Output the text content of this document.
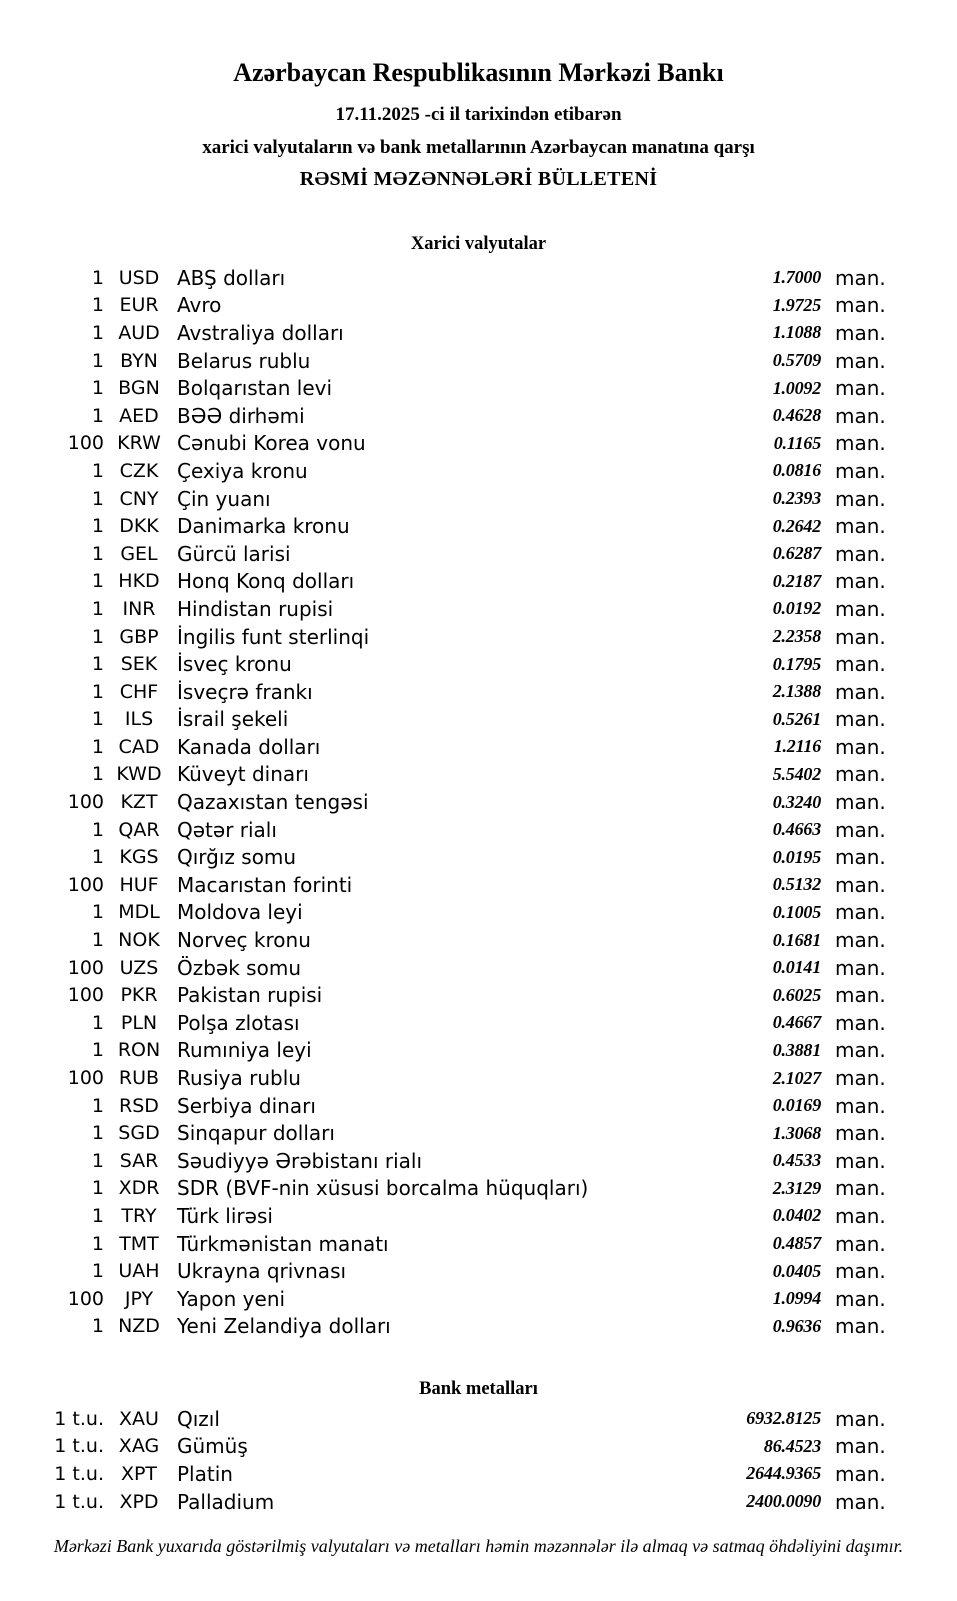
Azərbaycan Respublikasının Mərkəzi Bankı
17.11.2025 -ci il tarixindən etibarən
xarici valyutaların və bank metallarının Azərbaycan manatına qarşı
RƏSMİ MƏZƏNNƏLƏRİ BÜLLETENİ
Xarici valyutalar
1 USD ABŞ dolları	1.7000 man.
1 EUR Avro	1.9725 man.
1 AUD Avstraliya dolları	1.1088 man.
1 BYN Belarus rublu	0.5709 man.
1 BGN Bolqarıstan levi	1.0092 man.
1 AED BƏƏ dirhəmi	0.4628 man.
100 KRW Cənubi Korea vonu	0.1165 man.
1 CZK Çexiya kronu	0.0816 man.
1 CNY Çin yuanı	0.2393 man.
1 DKK Danimarka kronu	0.2642 man.
1 GEL Gürcü larisi	0.6287 man.
1 HKD Honq Konq dolları	0.2187 man.
1 INR	Hindistan rupisi	0.0192 man.
1 GBP İngilis funt sterlinqi	2.2358 man.
1 SEK İsveç kronu	0.1795 man.
1 CHF İsveçrə frankı	2.1388 man.
1	ILS	İsrail şekeli	0.5261 man.
1 CAD Kanada dolları	1.2116 man.
1 KWD Küveyt dinarı	5.5402 man.
100 KZT Qazaxıstan tengəsi	0.3240 man.
1 QAR Qətər rialı	0.4663 man.
1 KGS Qırğız somu	0.0195 man.
100 HUF Macarıstan forinti	0.5132 man.
1 MDL Moldova leyi	0.1005 man.
1 NOK Norveç kronu	0.1681 man.
100 UZS Özbək somu	0.0141 man.
100 PKR Pakistan rupisi	0.6025 man.
1 PLN Polşa zlotası	0.4667 man.
1 RON Rumıniya leyi	0.3881 man.
100 RUB Rusiya rublu	2.1027 man.
1 RSD Serbiya dinarı	0.0169 man.
1 SGD Sinqapur dolları	1.3068 man.
1 SAR Səudiyyə Ərəbistanı rialı	0.4533 man.
1 XDR SDR (BVF-nin xüsusi borcalma hüquqları)	2.3129 man.
1 TRY	Türk lirəsi	0.0402 man.
1 TMT Türkmənistan manatı	0.4857 man.
1 UAH Ukrayna qrivnası	0.0405 man.
100	JPY	Yapon yeni	1.0994 man.
1 NZD Yeni Zelandiya dolları	0.9636 man.
Bank metalları
1 t.u. XAU Qızıl	6932.8125 man.
1 t.u. XAG Gümüş	86.4523 man.
1 t.u. XPT Platin	2644.9365 man.
1 t.u. XPD Palladium	2400.0090 man.
Mərkəzi Bank yuxarıda göstərilmiş valyutaları və metalları həmin məzənnələr ilə almaq və satmaq öhdəliyini daşımır.
